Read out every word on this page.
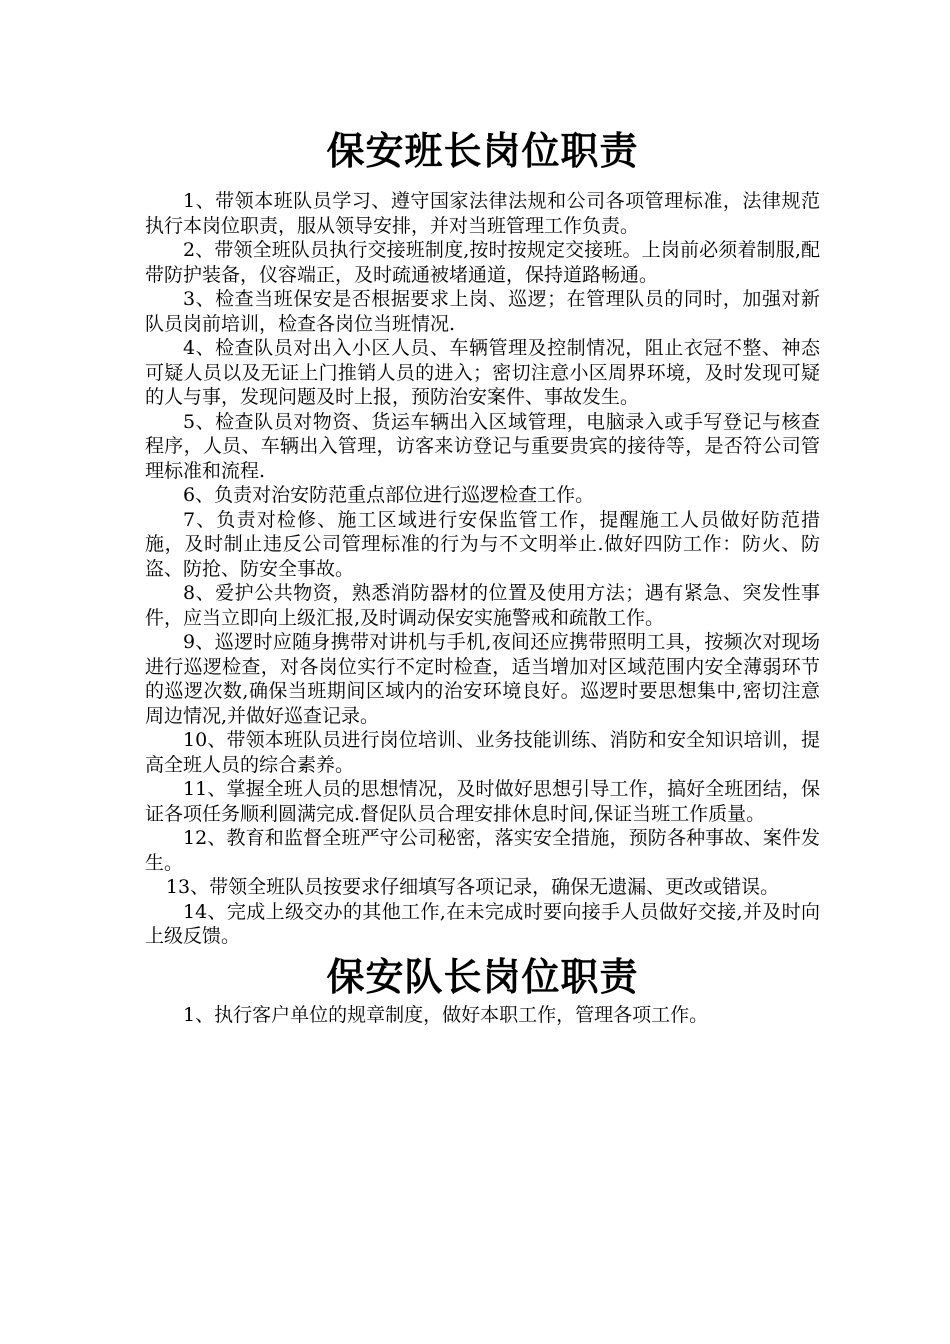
保安班长岗位职责

1、带领本班队员学习、遵守国家法律法规和公司各项管理标准，法律规范执行本岗位职责，服从领导安排，并对当班管理工作负责。

2、带领全班队员执行交接班制度,按时按规定交接班。上岗前必须着制服,配带防护装备，仪容端正，及时疏通被堵通道，保持道路畅通。

3、检查当班保安是否根据要求上岗、巡逻；在管理队员的同时，加强对新队员岗前培训，检查各岗位当班情况.

4、检查队员对出入小区人员、车辆管理及控制情况，阻止衣冠不整、神态可疑人员以及无证上门推销人员的进入；密切注意小区周界环境，及时发现可疑的人与事，发现问题及时上报，预防治安案件、事故发生。

5、检查队员对物资、货运车辆出入区域管理，电脑录入或手写登记与核查程序，人员、车辆出入管理，访客来访登记与重要贵宾的接待等，是否符公司管理标准和流程.

6、负责对治安防范重点部位进行巡逻检查工作。

7、负责对检修、施工区域进行安保监管工作，提醒施工人员做好防范措施，及时制止违反公司管理标准的行为与不文明举止.做好四防工作：防火、防盗、防抢、防安全事故。

8、爱护公共物资，熟悉消防器材的位置及使用方法；遇有紧急、突发性事件，应当立即向上级汇报,及时调动保安实施警戒和疏散工作。

9、巡逻时应随身携带对讲机与手机,夜间还应携带照明工具，按频次对现场进行巡逻检查，对各岗位实行不定时检查，适当增加对区域范围内安全薄弱环节的巡逻次数,确保当班期间区域内的治安环境良好。巡逻时要思想集中,密切注意周边情况,并做好巡查记录。

10、带领本班队员进行岗位培训、业务技能训练、消防和安全知识培训，提高全班人员的综合素养。

11、掌握全班人员的思想情况，及时做好思想引导工作，搞好全班团结，保证各项任务顺利圆满完成.督促队员合理安排休息时间,保证当班工作质量。

12、教育和监督全班严守公司秘密，落实安全措施，预防各种事故、案件发生。

13、带领全班队员按要求仔细填写各项记录，确保无遗漏、更改或错误。

14、完成上级交办的其他工作,在未完成时要向接手人员做好交接,并及时向上级反馈。

保安队长岗位职责

1、执行客户单位的规章制度，做好本职工作，管理各项工作。
